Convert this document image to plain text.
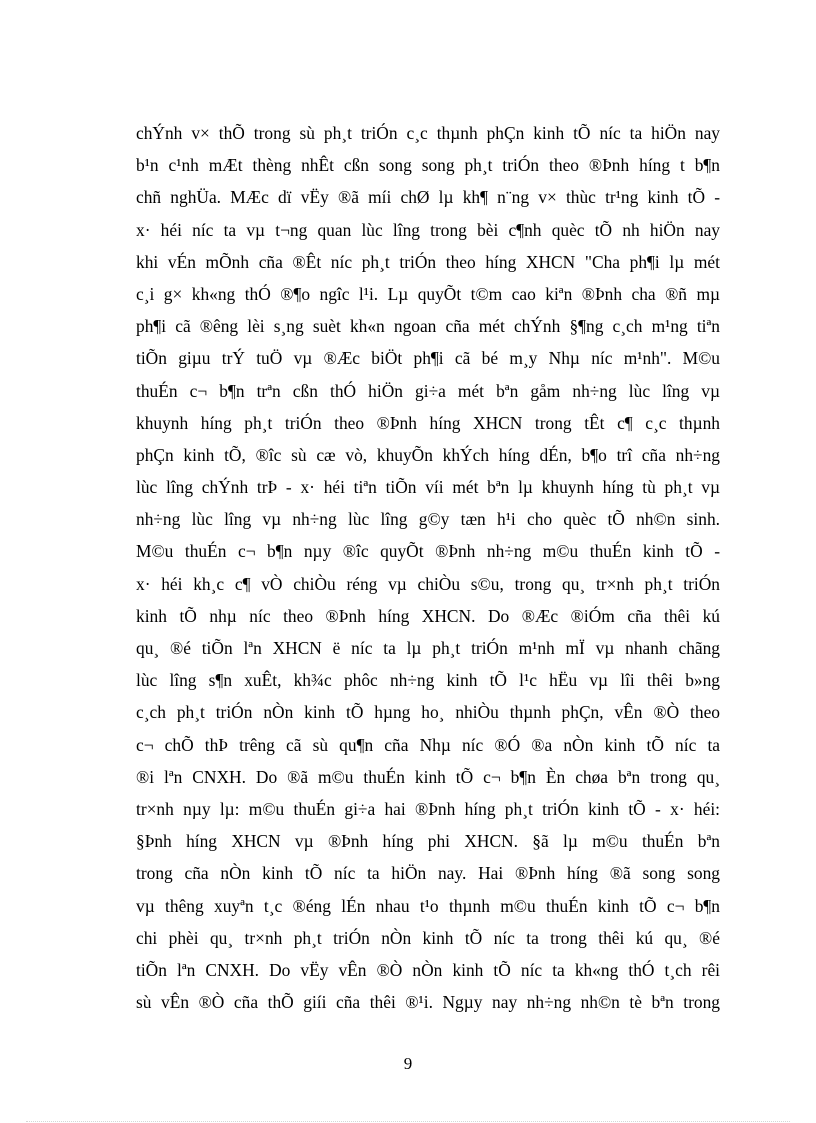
chÝnh v× thÕ trong sù ph¸t triÓn c¸c thµnh phÇn kinh tÕ níc ta hiÖn nay
b¹n c¹nh mÆt thèng nhÊt cßn song song ph¸t triÓn theo ®Þnh híng t b¶n
chñ nghÜa. MÆc dï vËy ®ã míi chØ lµ kh¶ n¨ng v× thùc tr¹ng kinh tÕ -
x· héi níc ta vµ t¬ng quan lùc lîng trong bèi c¶nh quèc tÕ nh hiÖn nay
khi vÉn mÕnh cña ®Êt níc ph¸t triÓn theo híng XHCN "Cha ph¶i lµ mét
c¸i g× kh«ng thÓ ®¶o ngîc l¹i. Lµ quyÕt t©m cao kiªn ®Þnh cha ®ñ mµ
ph¶i cã ®êng lèi s¸ng suèt kh«n ngoan cña mét chÝnh §¶ng c¸ch m¹ng tiªn
tiÕn giµu trÝ tuÖ vµ ®Æc biÖt ph¶i cã bé m¸y Nhµ níc m¹nh". M©u
thuÉn c¬ b¶n trªn cßn thÓ hiÖn gi÷a mét bªn gåm nh÷ng lùc lîng vµ
khuynh híng ph¸t triÓn theo ®Þnh híng XHCN trong tÊt c¶ c¸c thµnh
phÇn kinh tÕ, ®îc sù cæ vò, khuyÕn khÝch híng dÉn, b¶o trî cña nh÷ng
lùc lîng chÝnh trÞ - x· héi tiªn tiÕn víi mét bªn lµ khuynh híng tù ph¸t vµ
nh÷ng lùc lîng vµ nh÷ng lùc lîng g©y tæn h¹i cho quèc tÕ nh©n sinh.
M©u thuÉn c¬ b¶n nµy ®îc quyÕt ®Þnh nh÷ng m©u thuÉn kinh tÕ -
x· héi kh¸c c¶ vÒ chiÒu réng vµ chiÒu s©u, trong qu¸ tr×nh ph¸t triÓn
kinh tÕ nhµ níc theo ®Þnh híng XHCN. Do ®Æc ®iÓm cña thêi kú
qu¸ ®é tiÕn lªn XHCN ë níc ta lµ ph¸t triÓn m¹nh mÏ vµ nhanh chãng
lùc lîng s¶n xuÊt, kh¾c phôc nh÷ng kinh tÕ l¹c hËu vµ lîi thêi b»ng
c¸ch ph¸t triÓn nÒn kinh tÕ hµng ho¸ nhiÒu thµnh phÇn, vÊn ®Ò theo
c¬ chÕ thÞ trêng cã sù qu¶n cña Nhµ níc ®Ó ®a nÒn kinh tÕ níc ta
®i lªn CNXH. Do ®ã m©u thuÉn kinh tÕ c¬ b¶n Èn chøa bªn trong qu¸
tr×nh nµy lµ: m©u thuÉn gi÷a hai ®Þnh híng ph¸t triÓn kinh tÕ - x· héi:
§Þnh híng XHCN vµ ®Þnh híng phi XHCN. §ã lµ m©u thuÉn bªn
trong cña nÒn kinh tÕ níc ta hiÖn nay. Hai ®Þnh híng ®ã song song
vµ thêng xuyªn t¸c ®éng lÉn nhau t¹o thµnh m©u thuÉn kinh tÕ c¬ b¶n
chi phèi qu¸ tr×nh ph¸t triÓn nÒn kinh tÕ níc ta trong thêi kú qu¸ ®é
tiÕn lªn CNXH. Do vËy vÊn ®Ò nÒn kinh tÕ níc ta kh«ng thÓ t¸ch rêi
sù vÊn ®Ò cña thÕ giíi cña thêi ®¹i. Ngµy nay nh÷ng nh©n tè bªn trong
9
